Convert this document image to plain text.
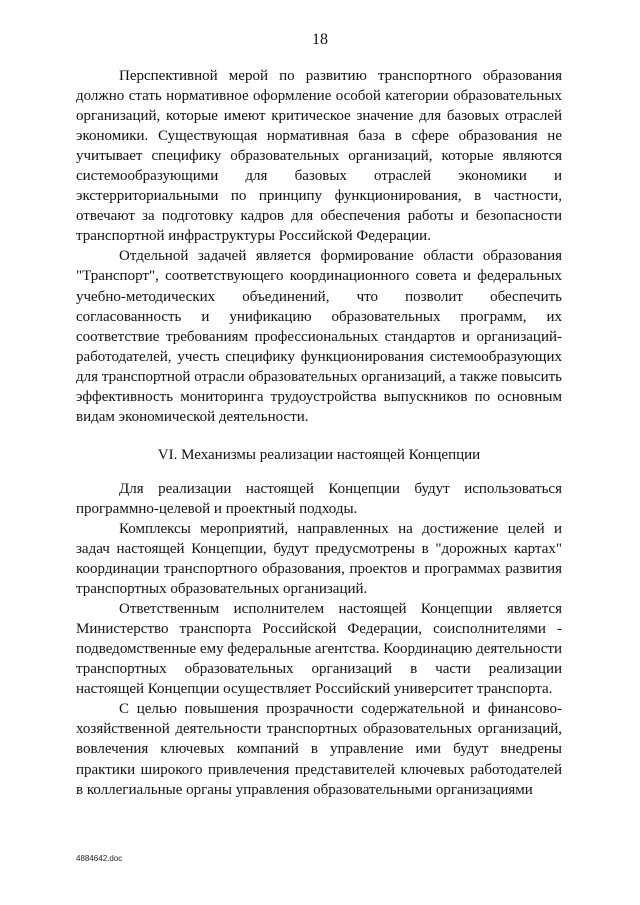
18

Перспективной мерой по развитию транспортного образования должно стать нормативное оформление особой категории образовательных организаций, которые имеют критическое значение для базовых отраслей экономики. Существующая нормативная база в сфере образования не учитывает специфику образовательных организаций, которые являются системообразующими для базовых отраслей экономики и экстерриториальными по принципу функционирования, в частности, отвечают за подготовку кадров для обеспечения работы и безопасности транспортной инфраструктуры Российской Федерации.

Отдельной задачей является формирование области образования "Транспорт", соответствующего координационного совета и федеральных учебно-методических объединений, что позволит обеспечить согласованность и унификацию образовательных программ, их соответствие требованиям профессиональных стандартов и организаций-работодателей, учесть специфику функционирования системообразующих для транспортной отрасли образовательных организаций, а также повысить эффективность мониторинга трудоустройства выпускников по основным видам экономической деятельности.

VI. Механизмы реализации настоящей Концепции

Для реализации настоящей Концепции будут использоваться программно-целевой и проектный подходы.

Комплексы мероприятий, направленных на достижение целей и задач настоящей Концепции, будут предусмотрены в "дорожных картах" координации транспортного образования, проектов и программах развития транспортных образовательных организаций.

Ответственным исполнителем настоящей Концепции является Министерство транспорта Российской Федерации, соисполнителями - подведомственные ему федеральные агентства. Координацию деятельности транспортных образовательных организаций в части реализации настоящей Концепции осуществляет Российский университет транспорта.

С целью повышения прозрачности содержательной и финансово-хозяйственной деятельности транспортных образовательных организаций, вовлечения ключевых компаний в управление ими будут внедрены практики широкого привлечения представителей ключевых работодателей в коллегиальные органы управления образовательными организациями

4884642.doc
